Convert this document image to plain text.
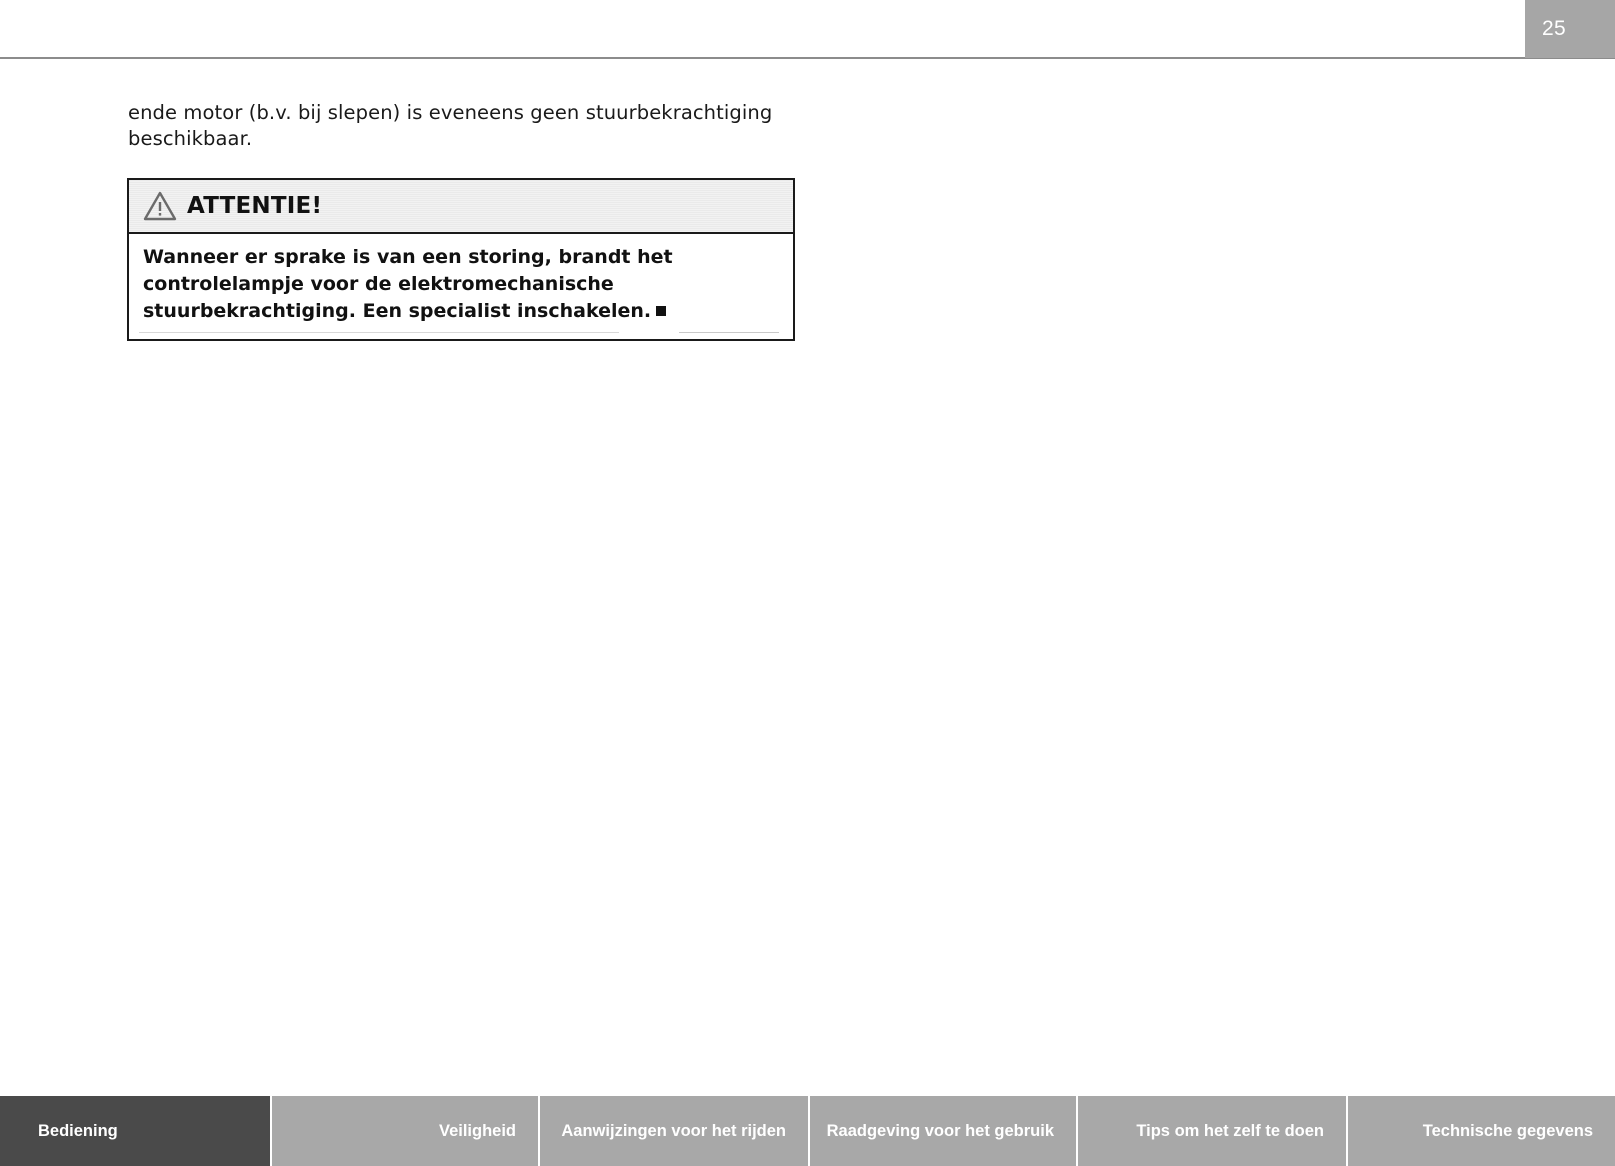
25

ende motor (b.v. bij slepen) is eveneens geen stuurbekrachtiging beschikbaar.

ATTENTIE!

Wanneer er sprake is van een storing, brandt het controlelampje voor de elektromechanische stuurbekrachtiging. Een specialist inschakelen.

Bediening	Veiligheid	Aanwijzingen voor het rijden	Raadgeving voor het gebruik	Tips om het zelf te doen	Technische gegevens
